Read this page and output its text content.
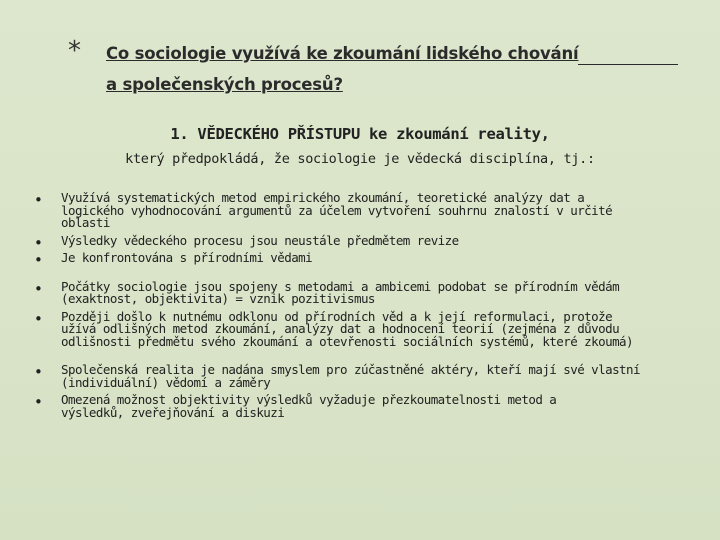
* Co sociologie využívá ke zkoumání lidského chování
a společenských procesů?
1. VĚDECKÉHO PŘÍSTUPU ke zkoumání reality,
který předpokládá, že sociologie je vědecká disciplína, tj.:
• Využívá systematických metod empirického zkoumání, teoretické analýzy dat a
logického vyhodnocování argumentů za účelem vytvoření souhrnu znalostí v určité
oblasti
• Výsledky vědeckého procesu jsou neustále předmětem revize
• Je konfrontována s přírodními vědami
• Počátky sociologie jsou spojeny s metodami a ambicemi podobat se přírodním vědám
(exaktnost, objektivita) = vznik pozitivismus
• Později došlo k nutnému odklonu od přírodních věd a k její reformulaci, protože
užívá odlišných metod zkoumání, analýzy dat a hodnocení teorií (zejména z důvodu
odlišnosti předmětu svého zkoumání a otevřenosti sociálních systémů, které zkoumá)
• Společenská realita je nadána smyslem pro zúčastněné aktéry, kteří mají své vlastní
(individuální) vědomí a záměry
• Omezená možnost objektivity výsledků vyžaduje přezkoumatelnosti metod a
výsledků, zveřejňování a diskuzi
